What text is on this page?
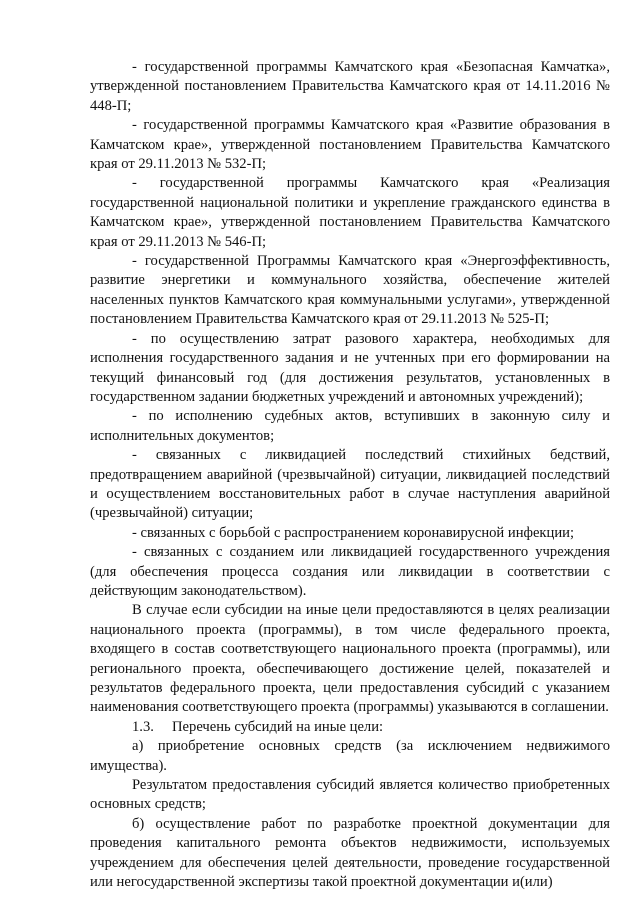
- государственной программы Камчатского края «Безопасная Камчатка», утвержденной постановлением Правительства Камчатского края от 14.11.2016 № 448-П;

- государственной программы Камчатского края «Развитие образования в Камчатском крае», утвержденной постановлением Правительства Камчатского края от 29.11.2013 № 532-П;

- государственной программы Камчатского края «Реализация государственной национальной политики и укрепление гражданского единства в Камчатском крае», утвержденной постановлением Правительства Камчатского края от 29.11.2013 № 546-П;

- государственной Программы Камчатского края «Энергоэффективность, развитие энергетики и коммунального хозяйства, обеспечение жителей населенных пунктов Камчатского края коммунальными услугами», утвержденной постановлением Правительства Камчатского края от 29.11.2013 № 525-П;

- по осуществлению затрат разового характера, необходимых для исполнения государственного задания и не учтенных при его формировании на текущий финансовый год (для достижения результатов, установленных в государственном задании бюджетных учреждений и автономных учреждений);

- по исполнению судебных актов, вступивших в законную силу и исполнительных документов;

- связанных с ликвидацией последствий стихийных бедствий, предотвращением аварийной (чрезвычайной) ситуации, ликвидацией последствий и осуществлением восстановительных работ в случае наступления аварийной (чрезвычайной) ситуации;

- связанных с борьбой с распространением коронавирусной инфекции;

- связанных с созданием или ликвидацией государственного учреждения (для обеспечения процесса создания или ликвидации в соответствии с действующим законодательством).

В случае если субсидии на иные цели предоставляются в целях реализации национального проекта (программы), в том числе федерального проекта, входящего в состав соответствующего национального проекта (программы), или регионального проекта, обеспечивающего достижение целей, показателей и результатов федерального проекта, цели предоставления субсидий с указанием наименования соответствующего проекта (программы) указываются в соглашении.

1.3. Перечень субсидий на иные цели:

а) приобретение основных средств (за исключением недвижимого имущества).

Результатом предоставления субсидий является количество приобретенных основных средств;

б) осуществление работ по разработке проектной документации для проведения капитального ремонта объектов недвижимости, используемых учреждением для обеспечения целей деятельности, проведение государственной или негосударственной экспертизы такой проектной документации и(или)
